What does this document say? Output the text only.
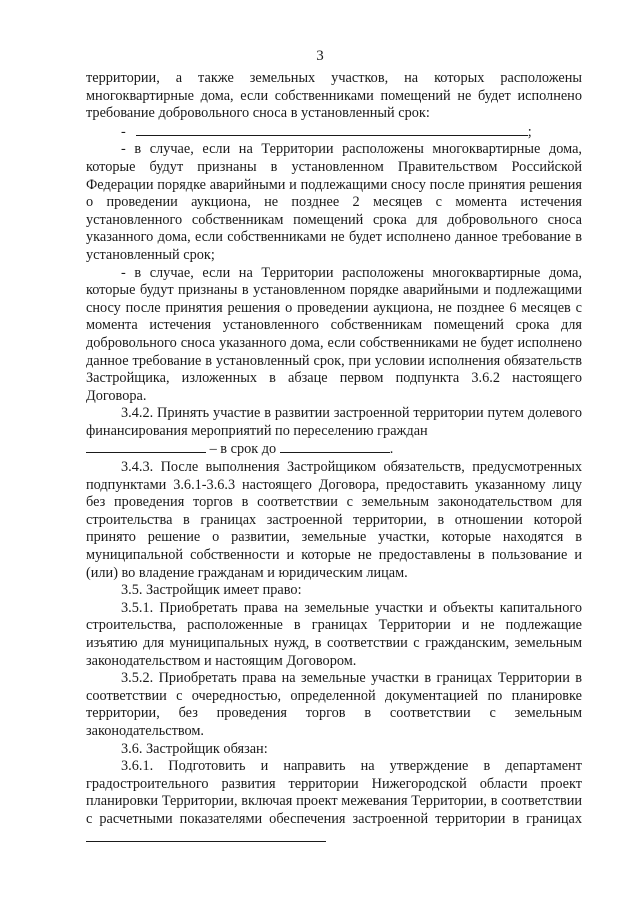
3

территории, а также земельных участков, на которых расположены многоквартирные дома, если собственниками помещений не будет исполнено требование добровольного сноса в установленный срок:

-	;

- в случае, если на Территории расположены многоквартирные дома, которые будут признаны в установленном Правительством Российской Федерации порядке аварийными и подлежащими сносу после принятия решения о проведении аукциона, не позднее 2 месяцев с момента истечения установленного собственникам помещений срока для добровольного сноса указанного дома, если собственниками не будет исполнено данное требование в установленный срок;

- в случае, если на Территории расположены многоквартирные дома, которые будут признаны в установленном порядке аварийными и подлежащими сносу после принятия решения о проведении аукциона, не позднее 6 месяцев с момента истечения установленного собственникам помещений срока для добровольного сноса указанного дома, если собственниками не будет исполнено данное требование в установленный срок, при условии исполнения обязательств Застройщика, изложенных в абзаце первом подпункта 3.6.2 настоящего Договора.

3.4.2. Принять участие в развитии застроенной территории путем долевого финансирования мероприятий по переселению граждан

– в срок до	.

3.4.3. После выполнения Застройщиком обязательств, предусмотренных подпунктами 3.6.1-3.6.3 настоящего Договора, предоставить указанному лицу без проведения торгов в соответствии с земельным законодательством для строительства в границах застроенной территории, в отношении которой принято решение о развитии, земельные участки, которые находятся в муниципальной собственности и которые не предоставлены в пользование и (или) во владение гражданам и юридическим лицам.

3.5. Застройщик имеет право:

3.5.1. Приобретать права на земельные участки и объекты капитального строительства, расположенные в границах Территории и не подлежащие изъятию для муниципальных нужд, в соответствии с гражданским, земельным законодательством и настоящим Договором.

3.5.2. Приобретать права на земельные участки в границах Территории в соответствии с очередностью, определенной документацией по планировке территории, без проведения торгов в соответствии с земельным законодательством.

3.6. Застройщик обязан:

3.6.1. Подготовить и направить на утверждение в департамент градостроительного развития территории Нижегородской области проект планировки Территории, включая проект межевания Территории, в соответствии с расчетными показателями обеспечения застроенной территории в границах
